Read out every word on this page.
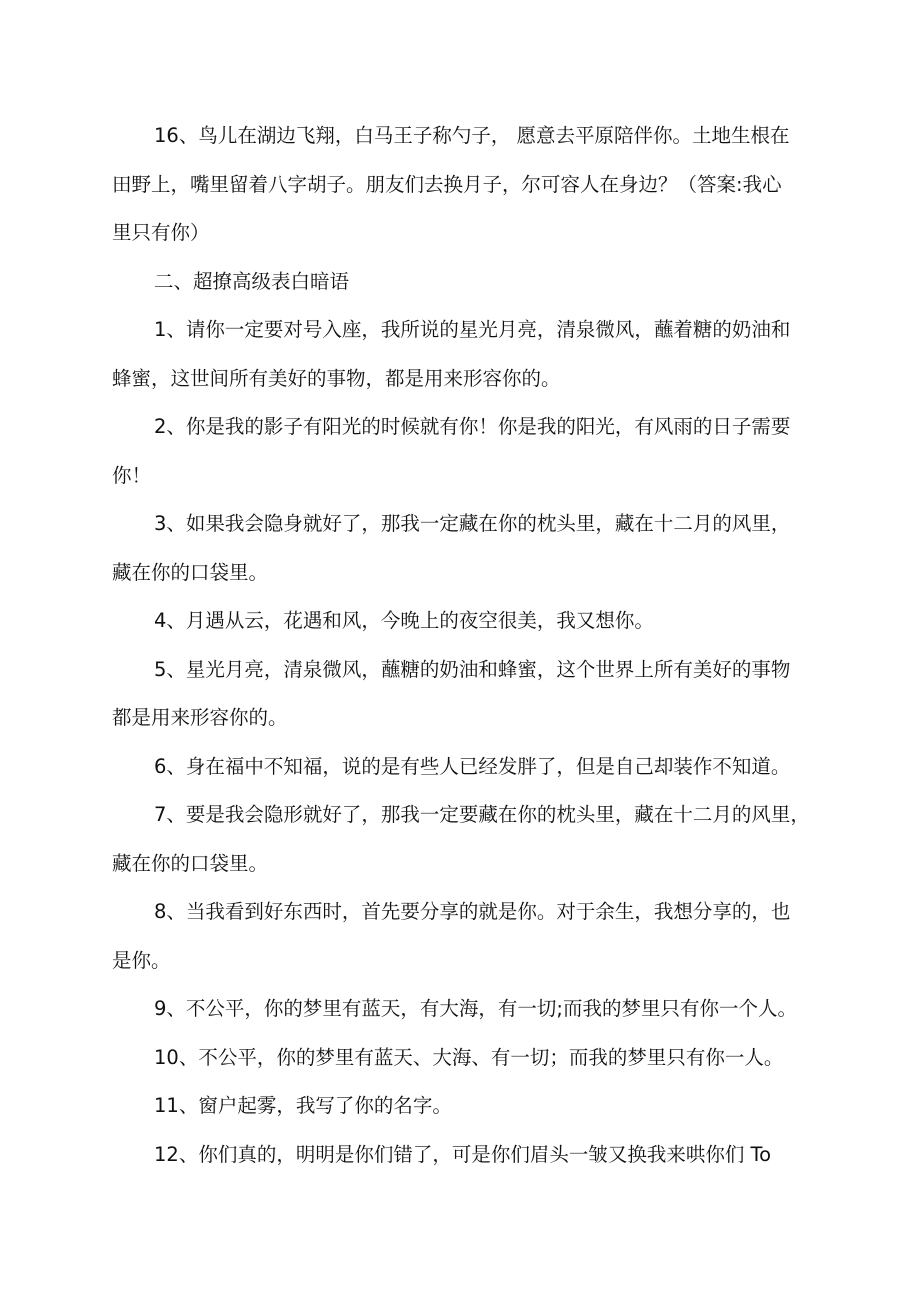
16、鸟儿在湖边飞翔，白马王子称勺子， 愿意去平原陪伴你。土地生根在

田野上，嘴里留着八字胡子。朋友们去换月子，尔可容人在身边？（答案:我心

里只有你）

二、超撩高级表白暗语

1、请你一定要对号入座，我所说的星光月亮，清泉微风，蘸着糖的奶油和

蜂蜜，这世间所有美好的事物，都是用来形容你的。

2、你是我的影子有阳光的时候就有你！你是我的阳光，有风雨的日子需要

你！

3、如果我会隐身就好了，那我一定藏在你的枕头里，藏在十二月的风里，

藏在你的口袋里。

4、月遇从云，花遇和风，今晚上的夜空很美，我又想你。

5、星光月亮，清泉微风，蘸糖的奶油和蜂蜜，这个世界上所有美好的事物

都是用来形容你的。

6、身在福中不知福，说的是有些人已经发胖了，但是自己却装作不知道。

7、要是我会隐形就好了，那我一定要藏在你的枕头里，藏在十二月的风里，

藏在你的口袋里。

8、当我看到好东西时，首先要分享的就是你。对于余生，我想分享的，也

是你。

9、不公平，你的梦里有蓝天，有大海，有一切;而我的梦里只有你一个人。

10、不公平，你的梦里有蓝天、大海、有一切；而我的梦里只有你一人。

11、窗户起雾，我写了你的名字。

12、你们真的，明明是你们错了，可是你们眉头一皱又换我来哄你们 To
